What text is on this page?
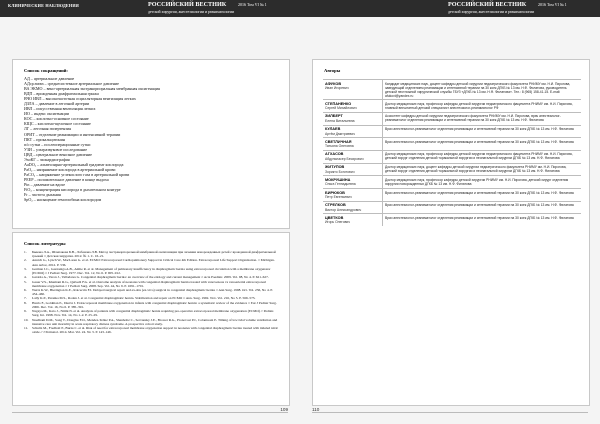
КЛИНИЧЕСКИЕ НАБЛЮДЕНИЯ	РОССИЙСКИЙ ВЕСТНИК	2016 Том VI № 1
детской хирургии, анестезиологии и реаниматологии
Список сокращений:
АД – артериальное давление
АДср.mean – среднесистемное артериальное давление
ВА ЭКМО – вено-артериальная экстракорпоральная мембранная оксигенация
ВДП – врожденная диафрагмальная грыжа
ВЧО ИВЛ – высокочастотная осцилляторная вентиляция легких
ДЗЛА – давление в легочной артерии
ИВЛ – искусственная вентиляция легких
ИО – индекс оксигенации
КОС – кислотно-основное состояние
КЩС – кислотно-щелочное состояние
ЛГ – легочная гипертензия
ОРИТ – отделение реанимации и интенсивной терапии
ПКТ – прокальцитонин
п/о сутки – послеоперационные сутки
УЗИ – ультразвуковое исследование
ЦВД – центральное венозное давление
ЭхоКГ – эхокардиография
AaDO₂ – альвеолярно-артериальный градиент кислорода
PaO₂ – напряжение кислорода в артериальной крови
PaCO₂ – напряжение углекислого газа в артериальной крови
PEEP – положительное давление в конце выдоха
Pin – давление на вдохе
FiO₂ – концентрация кислорода в дыхательном контуре
Fr – частота дыхания
SpO₂ – насыщение гемоглобина кислородом
Список литературы
1.	Быкова Л.А., Шлепакова Б.В., Лобанова Л.В. Метод экстракорпоральной мембранной оксигенации при лечении новорожденных детей с врожденной диафрагмальной грыжей // Детская хирургия. 2012. № 1. С. 16–21.
2.	Annich G., Lynch W., MacLaren G. et al. ECMO: Extracorporeal Cardiopulmonary Support in Critical Care 4th Edition. Extracorporeal Life Support Organization. // Michigan. Ann Arbor, 2012. P. 536.
3.	German J.C., Gazzaniga A.B., Amlie R. et al. Management of pulmonary insufficiency in diaphragmatic hernia using extracorporeal circulation with a membrane oxygenator (ECMO) // J Pediatr Surg. 1977. Dec. Vol. 12, No 6. P. 905–912.
4.	Gaxiola A., Varon J., Valladares G. Congenital diaphragmatic hernia: an overview of the etiology and current management // Acta Paediatr. 2009. Vol. 98, No 4. P. 621–627.
5.	Gauer V.S., Khemani R.G., Quivedi F.G. et al. Outcome analysis of neonates with congenital diaphragmatic hernia treated with venovenous vs venoarterial extracorporeal membrane oxygenation // J Pediatr Surg. 2008. Sep. Vol. 44, No 9. P. 1691–1701.
6.	Wertz K.W., Bierington K.E., Roicecrin F.I. Delayed surgical repair and ex-situ (ex-vivo) surgical in congenital diaphragmatic hernia // Ann Surg. 1998. Oct. Vol. 236, No 4. P. 454–460.
7.	Lally K.P., Paranka M.S., Roden J. et al. Congenital diaphragmatic hernia. Stabilization and repair on ECMO // Ann. Surg. 1992. Nov. Vol. 216, No 5. P. 569–573.
8.	Harris F., Goldman E., Durriz J. Extracorporeal membrane oxygenation in infants with congenital diaphragmatic hernia: a systematic review of the evidence // Eur J Pediatr Surg. 2006. Dec. Vol. 16, No 6. P. 385–391.
9.	Nagaya M., Kato J., Niimi N. et al. Analysis of patients with congenital diaphragmatic hernia requiring pre-operative extracorporeal membrane oxygenation (ECMO) // Pediatr. Surg. Int. 1998. Nov. Vol. 14, No 1–2. P. 25–29.
10.	Needham D.M., Song T., Douglas F.O., Mendez-Tellez P.A., Shanholtz C., Sevransky J.E., Brower R.G., Pronovost P.J., Colantuoni E. Timing of low tidal volume ventilation and intensive care unit mortality in acute respiratory distress syndrome. A prospective cohort study.
11.	Schultz M., Fredholt P., Burns C. et al. Risk of need for extracorporeal membrane oxygenation support in neonates with congenital diaphragmatic hernia treated with inhaled nitric oxide // J Perinatol. 2014. Mar. Vol. 24. No 3. P. 143–146.
109
РОССИЙСКИЙ ВЕСТНИК	2016 Том VI № 1
детской хирургии, анестезиологии и реаниматологии
Авторы
АФУКОВ
Иван Игоревич	Кандидат медицинских наук, доцент кафедры детской хирургии педиатрического факультета РНИМУ им. Н.И. Пирогова, заведующий отделением реанимации и интенсивной терапии на 30 коек ДГКБ № 13 им. Н.Ф. Филатова, руководитель детской неотложной хирургической службы ГБУЗ «ДГКБ № 13 им. Н.Ф. Филатова». Тел.: 8 (965) 158-41-15. E-mail: afukovi@yandex.ru

СТЕПАНЕНКО
Сергей Михайлович	Доктор медицинских наук, профессор кафедры детской хирургии педиатрического факультета РНИМУ им. Н.И. Пирогова, главный внештатный детский специалист анестезиолог-реаниматолог РФ

ЗИЛБЕРТ
Елена Витальевна	Ассистент кафедры детской хирургии педиатрического факультета РНИМУ им. Н.И. Пирогова, врач анестезиолог-реаниматолог отделения реанимации и интенсивной терапии на 30 коек ДГКБ № 13 им. Н.Ф. Филатова

КУЛАЕВ
Артём Дмитриевич	Врач анестезиолог-реаниматолог отделения реанимации и интенсивной терапии на 30 коек ДГКБ № 13 им. Н.Ф. Филатова

СВЕТЛИЧНАЯ
Татьяна Олеговна	Врач анестезиолог-реаниматолог отделения реанимации и интенсивной терапии на 30 коек ДГКБ № 13 им. Н.Ф. Филатова

АГХАСОВ
Абдульнасер Бесирович	Доктор медицинских наук, профессор кафедры детской хирургии педиатрического факультета РНИМУ им. Н.И. Пирогова, детский хирург отделения детской торакальной хирургии и неонатальной хирургии ДГКБ № 13 им. Н.Ф. Филатова

ЖИТУПОВ
Зорикто Боготович	Доктор медицинских наук, доцент кафедры детской хирургии педиатрического факультета РНИМУ им. Н.И. Пирогова, детский хирург отделения детской торакальной хирургии и неонатальной хирургии ДГКБ № 13 им. Н.Ф. Филатова

МОКРУШИНА
Ольга Геннадьевна	Доктор медицинских наук, профессор кафедры детской хирургии РНИМУ им. Н.И. Пирогова, детский хирург отделения хирургии новорожденных ДГКБ № 13 им. Н.Ф. Филатова

БИРЮКОВ
Петр Евгеньевич	Врач анестезиолог-реаниматолог отделения реанимации и интенсивной терапии на 30 коек ДГКБ № 13 им. Н.Ф. Филатова

СТРЕЛКОВ
Виктор Александрович	Врач анестезиолог-реаниматолог отделения реанимации и интенсивной терапии на 30 коек ДГКБ № 13 им. Н.Ф. Филатова

ЦВЕТКОВ
Игорь Олегович	Врач анестезиолог-реаниматолог отделения реанимации и интенсивной терапии на 30 коек ДГКБ № 13 им. Н.Ф. Филатова
110
